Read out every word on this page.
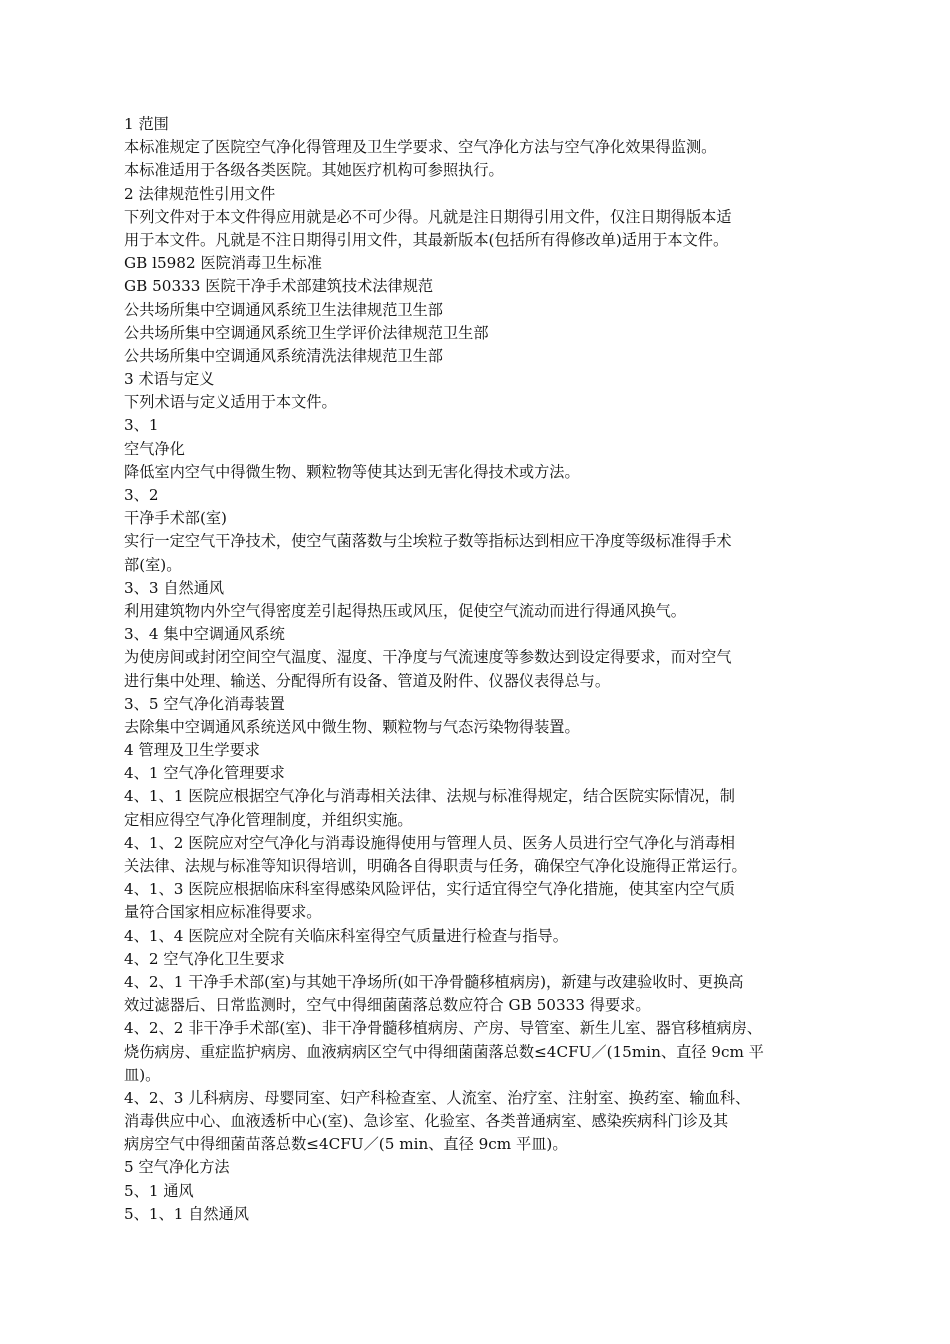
1 范围
本标准规定了医院空气净化得管理及卫生学要求、空气净化方法与空气净化效果得监测。
本标准适用于各级各类医院。其她医疗机构可参照执行。
2 法律规范性引用文件
下列文件对于本文件得应用就是必不可少得。凡就是注日期得引用文件，仅注日期得版本适
用于本文件。凡就是不注日期得引用文件，其最新版本(包括所有得修改单)适用于本文件。
GB l5982 医院消毒卫生标准
GB 50333 医院干净手术部建筑技术法律规范
公共场所集中空调通风系统卫生法律规范卫生部
公共场所集中空调通风系统卫生学评价法律规范卫生部
公共场所集中空调通风系统清洗法律规范卫生部
3 术语与定义
下列术语与定义适用于本文件。
3、1
空气净化
降低室内空气中得微生物、颗粒物等使其达到无害化得技术或方法。
3、2
干净手术部(室)
实行一定空气干净技术，使空气菌落数与尘埃粒子数等指标达到相应干净度等级标准得手术
部(室)。
3、3 自然通风
利用建筑物内外空气得密度差引起得热压或风压，促使空气流动而进行得通风换气。
3、4 集中空调通风系统
为使房间或封闭空间空气温度、湿度、干净度与气流速度等参数达到设定得要求，而对空气
进行集中处理、输送、分配得所有设备、管道及附件、仪器仪表得总与。
3、5 空气净化消毒装置
去除集中空调通风系统送风中微生物、颗粒物与气态污染物得装置。
4 管理及卫生学要求
4、1 空气净化管理要求
4、1、1 医院应根据空气净化与消毒相关法律、法规与标准得规定，结合医院实际情况，制
定相应得空气净化管理制度，并组织实施。
4、1、2 医院应对空气净化与消毒设施得使用与管理人员、医务人员进行空气净化与消毒相
关法律、法规与标准等知识得培训，明确各自得职责与任务，确保空气净化设施得正常运行。
4、1、3 医院应根据临床科室得感染风险评估，实行适宜得空气净化措施，使其室内空气质
量符合国家相应标准得要求。
4、1、4 医院应对全院有关临床科室得空气质量进行检查与指导。
4、2 空气净化卫生要求
4、2、1 干净手术部(室)与其她干净场所(如干净骨髓移植病房)，新建与改建验收时、更换高
效过滤器后、日常监测时，空气中得细菌菌落总数应符合 GB 50333 得要求。
4、2、2 非干净手术部(室)、非干净骨髓移植病房、产房、导管室、新生儿室、器官移植病房、
烧伤病房、重症监护病房、血液病病区空气中得细菌菌落总数≤4CFU／(15min、直径 9cm 平
皿)。
4、2、3 儿科病房、母婴同室、妇产科检查室、人流室、治疗室、注射室、换药室、输血科、
消毒供应中心、血液透析中心(室)、急诊室、化验室、各类普通病室、感染疾病科门诊及其
病房空气中得细菌苗落总数≤4CFU／(5 min、直径 9cm 平皿)。
5 空气净化方法
5、1 通风
5、1、1 自然通风
